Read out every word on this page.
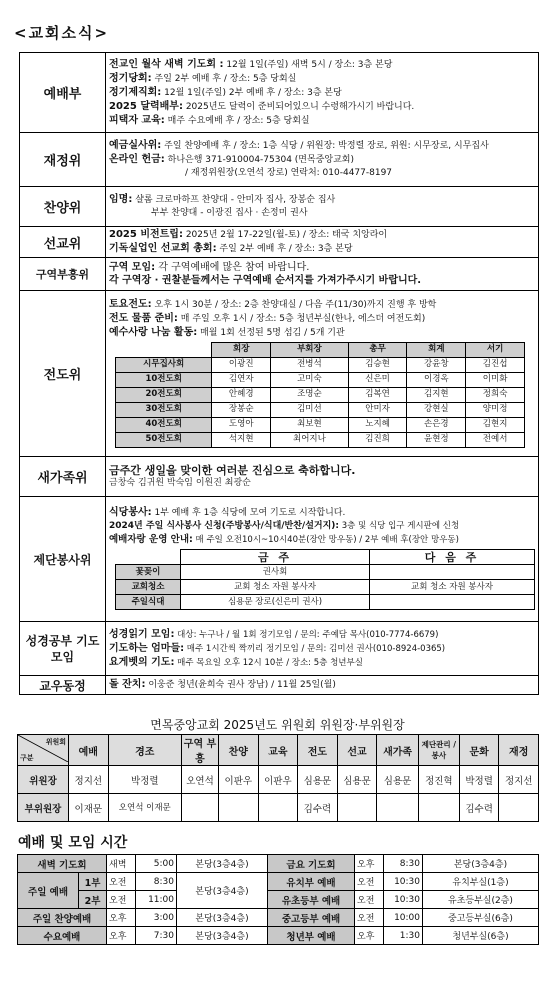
<교회소식>
예배부	
전교인 월삭 새벽 기도회 : 12월 1일(주일) 새벽 5시 / 장소: 3층 본당
정기당회: 주일 2부 예배 후 / 장소: 5층 당회실
정기제직회: 12월 1일(주일) 2부 예배 후 / 장소: 3층 본당
2025 달력배부: 2025년도 달력이 준비되어있으니 수령해가시기 바랍니다.
피택자 교육: 매주 수요예배 후 / 장소: 5층 당회실

재정위	
예금실사위: 주일 찬양예배 후 / 장소: 1층 식당 / 위원장: 박정렬 장로, 위원: 시무장로, 시무집사
온라인 헌금: 하나은행 371-910004-75304 (면목중앙교회)
/ 재정위원장(오연석 장로) 연락처: 010-4477-8197

찬양위	
임명: 샬롬 크로마하프 찬양대 - 안미자 집사, 장봉순 집사
부부 찬양대 - 이광진 집사 · 손정미 권사

선교위	
2025 비전트립: 2025년 2월 17-22일(월-토) / 장소: 태국 치앙라이
기독실업인 선교회 총회: 주일 2부 예배 후 / 장소: 3층 본당

구역부흥위	
구역 모임: 각 구역예배에 많은 참여 바랍니다.
각 구역장 · 권찰분들께서는 구역예배 순서지를 가져가주시기 바랍니다.

전도위	
토요전도: 오후 1시 30분 / 장소: 2층 찬양대실 / 다음 주(11/30)까지 진행 후 방학
전도 물품 준비: 매 주일 오후 1시 / 장소: 5층 청년부실(한나, 에스더 여전도회)
예수사랑 나눔 활동: 매월 1회 선정된 5명 섬김 / 5개 기관
	회장	부회장	총무	회계	서기
시무집사회	이광진	전병석	김승현	강윤창	김진섭
10전도회	김연자	고미숙	신은미	이경옥	이미화
20전도회	안혜경	조명순	김복연	김지현	정희숙
30전도회	장봉순	김미선	안미자	강현실	양미정
40전도회	도영아	최보현	노지혜	손은경	김현지
50전도회	석지현	최어지나	김진희	윤현정	전예서

새가족위	
금주간 생일을 맞이한 여러분 진심으로 축하합니다.
금창숙 김귀원 박숙임 이원진 최광순

제단봉사위	
식당봉사: 1부 예배 후 1층 식당에 모여 기도로 시작합니다.
2024년 주일 식사봉사 신청(주방봉사/식대/반찬/설거지): 3층 및 식당 입구 게시판에 신청
예배자랑 운영 안내: 매 주일 오전10시~10시40분(장안 망우동) / 2부 예배 후(장안 망우동)
	금 주	다 음 주
꽃꽂이	권사회	
교회청소	교회 청소 자원 봉사자	교회 청소 자원 봉사자
주일식대	심용문 장로(신은미 권사)	

성경공부 기도모임	
성경읽기 모임: 대상: 누구나 / 월 1회 정기모임 / 문의: 주예담 목사(010-7774-6679)
기도하는 엄마들: 매주 1시간씩 짝끼리 정기모임 / 문의: 김미선 권사(010-8924-0365)
요게벳의 기도: 매주 목요일 오후 12시 10분 / 장소: 5층 청년부실

교우동정	돌 잔치: 이웅준 청년(윤희숙 권사 장남) / 11월 25일(월)
면목중앙교회 2025년도 위원회 위원장·부위원장
위원회
구분	예배	경조	구역 부흥	찬양	교육	전도	선교	새가족	제단관리 /봉사	문화	재정
위원장	정지선	박정렬	오연석	이판우	이판우	심용문	심용문	심용문	정진혁	박정렬	정지선
부위원장	이재문	오연석 이재문				김수력				김수력	
예배 및 모임 시간
새벽 기도회		새벽	5:00	본당(3층4층)	금요 기도회	오후	8:30	본당(3층4층)
주일 예배	1부	오전	8:30	본당(3층4층)	유치부 예배	오전	10:30	유치부실(1층)
	2부	오전	11:00		유초등부 예배	오전	10:30	유초등부실(2층)
주일 찬양예배		오후	3:00	본당(3층4층)	중고등부 예배	오전	10:00	중고등부실(6층)
수요예배		오후	7:30	본당(3층4층)	청년부 예배	오후	1:30	청년부실(6층)
